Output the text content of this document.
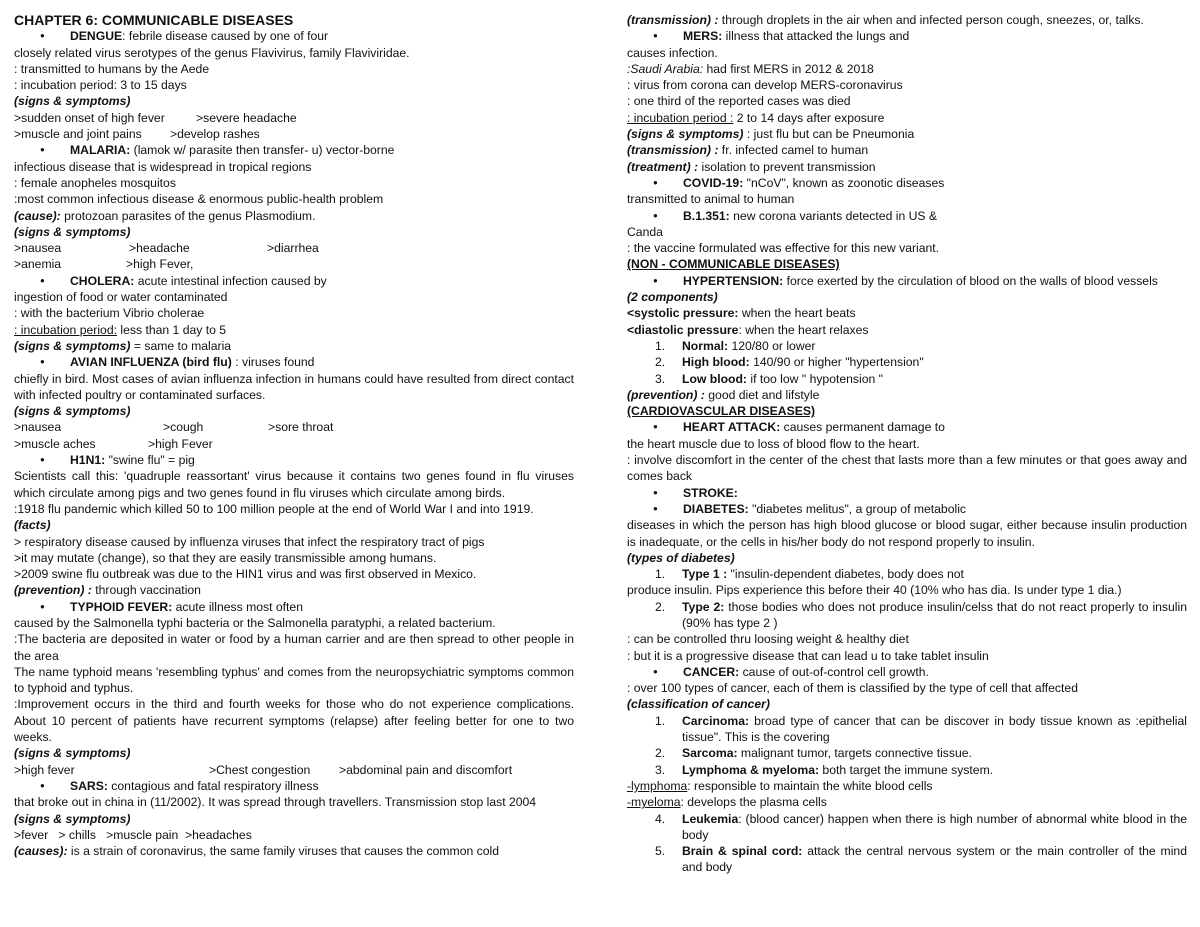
CHAPTER 6: COMMUNICABLE DISEASES
● DENGUE: febrile disease caused by one of four
closely related virus serotypes of the genus Flavivirus, family Flaviviridae.
: transmitted to humans by the Aede
: incubation period: 3 to 15 days
(signs & symptoms)
>sudden onset of high fever	>severe headache
>muscle and joint pains >develop rashes
● MALARIA: (lamok w/ parasite then transfer- u) vector-borne
infectious disease that is widespread in tropical regions
: female anopheles mosquitos
:most common infectious disease & enormous public-health problem
(cause): protozoan parasites of the genus Plasmodium.
(signs & symptoms)
>nausea	>headache	>diarrhea
>anemia	>high Fever,
● CHOLERA: acute intestinal infection caused by
ingestion of food or water contaminated
: with the bacterium Vibrio cholerae
: incubation period: less than 1 day to 5
(signs & symptoms) = same to malaria
● AVIAN INFLUENZA (bird flu) : viruses found
chiefly in bird. Most cases of avian influenza infection in humans could have resulted from direct contact with infected poultry or contaminated surfaces.
(signs & symptoms)
>nausea	>cough	>sore throat
>muscle aches	>high Fever
● H1N1: "swine flu" = pig
Scientists call this: 'quadruple reassortant' virus because it contains two genes found in flu viruses which circulate among pigs and two genes found in flu viruses which circulate among birds.
:1918 flu pandemic which killed 50 to 100 million people at the end of World War I and into 1919.
(facts)
> respiratory disease caused by influenza viruses that infect the respiratory tract of pigs
>it may mutate (change), so that they are easily transmissible among humans.
>2009 swine flu outbreak was due to the HIN1 virus and was first observed in Mexico.
(prevention) : through vaccination
● TYPHOID FEVER: acute illness most often
caused by the Salmonella typhi bacteria or the Salmonella paratyphi, a related bacterium.
:The bacteria are deposited in water or food by a human carrier and are then spread to other people in the area
The name typhoid means 'resembling typhus' and comes from the neuropsychiatric symptoms common to typhoid and typhus.
:Improvement occurs in the third and fourth weeks for those who do not experience complications. About 10 percent of patients have recurrent symptoms (relapse) after feeling better for one to two weeks.
(signs & symptoms)
>high fever	>Chest congestion >abdominal pain and discomfort
● SARS: contagious and fatal respiratory illness
that broke out in china in (11/2002). It was spread through travellers. Transmission stop last 2004
(signs & symptoms)
>fever   > chills   >muscle pain  >headaches
(causes): is a strain of coronavirus, the same family viruses that causes the common cold
(transmission) : through droplets in the air when and infected person cough, sneezes, or, talks.
● MERS: illness that attacked the lungs and
causes infection.
:Saudi Arabia: had first MERS in 2012 & 2018
: virus from corona can develop MERS-coronavirus
: one third of the reported cases was died
: incubation period : 2 to 14 days after exposure
(signs & symptoms) : just flu but can be Pneumonia
(transmission) : fr. infected camel to human
(treatment) : isolation to prevent transmission
● COVID-19: "nCoV", known as zoonotic diseases
transmitted to animal to human
● B.1.351: new corona variants detected in US &
Canda
: the vaccine formulated was effective for this new variant.
(NON - COMMUNICABLE DISEASES)
● HYPERTENSION: force exerted by the circulation of blood on the walls of blood vessels
(2 components)
<systolic pressure: when the heart beats
<diastolic pressure: when the heart relaxes
1. Normal: 120/80 or lower
2. High blood: 140/90 or higher "hypertension"
3. Low blood: if too low " hypotension "
(prevention) : good diet and lifstyle
(CARDIOVASCULAR DISEASES)
● HEART ATTACK: causes permanent damage to
the heart muscle due to loss of blood flow to the heart.
: involve discomfort in the center of the chest that lasts more than a few minutes or that goes away and comes back
● STROKE:
● DIABETES: "diabetes melitus", a group of metabolic
diseases in which the person has high blood glucose or blood sugar, either because insulin production is inadequate, or the cells in his/her body do not respond properly to insulin.
(types of diabetes)
1. Type 1 : "insulin-dependent diabetes, body does not
produce insulin. Pips experience this before their 40 (10% who has dia. Is under type 1 dia.)
2. Type 2: those bodies who does not produce insulin/celss that do not react properly to insulin (90% has type 2 )
: can be controlled thru loosing weight & healthy diet
: but it is a progressive disease that can lead u to take tablet insulin
● CANCER: cause of out-of-control cell growth.
: over 100 types of cancer, each of them is classified by the type of cell that affected
(classification of cancer)
1. Carcinoma: broad type of cancer that can be discover in body tissue known as :epithelial tissue". This is the covering
2. Sarcoma: malignant tumor, targets connective tissue.
3. Lymphoma & myeloma: both target the immune system.
-lymphoma: responsible to maintain the white blood cells
-myeloma: develops the plasma cells
4. Leukemia: (blood cancer) happen when there is high number of abnormal white blood in the body
5. Brain & spinal cord: attack the central nervous system or the main controller of the mind and body
